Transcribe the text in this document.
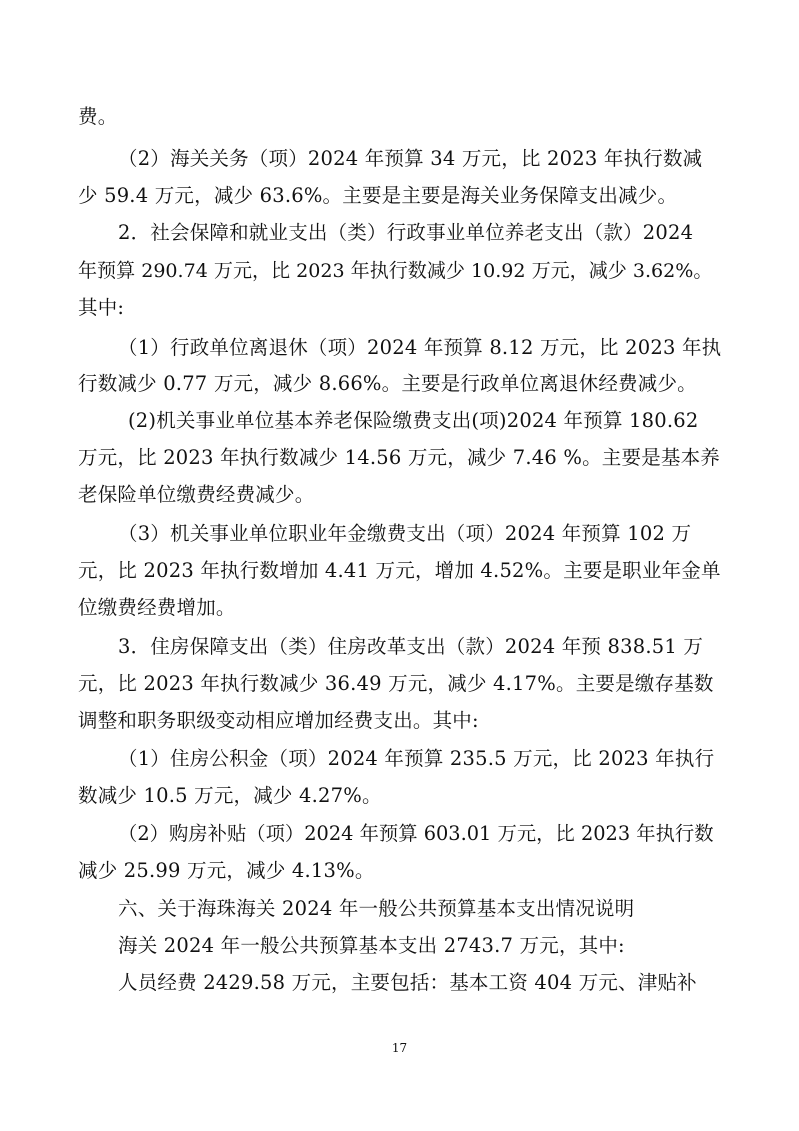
费。
（2）海关关务（项）2024 年预算 34 万元，比 2023 年执行数减
少 59.4 万元，减少 63.6%。主要是主要是海关业务保障支出减少。
2．社会保障和就业支出（类）行政事业单位养老支出（款）2024
年预算 290.74 万元，比 2023 年执行数减少 10.92 万元，减少 3.62%。
其中:
（1）行政单位离退休（项）2024 年预算 8.12 万元，比 2023 年执
行数减少 0.77 万元，减少 8.66%。主要是行政单位离退休经费减少。
(2)机关事业单位基本养老保险缴费支出(项)2024 年预算 180.62
万元，比 2023 年执行数减少 14.56 万元，减少 7.46 %。主要是基本养
老保险单位缴费经费减少。
（3）机关事业单位职业年金缴费支出（项）2024 年预算 102 万
元，比 2023 年执行数增加 4.41 万元，增加 4.52%。主要是职业年金单
位缴费经费增加。
3．住房保障支出（类）住房改革支出（款）2024 年预 838.51 万
元，比 2023 年执行数减少 36.49 万元，减少 4.17%。主要是缴存基数
调整和职务职级变动相应增加经费支出。其中:
（1）住房公积金（项）2024 年预算 235.5 万元，比 2023 年执行
数减少 10.5 万元，减少 4.27%。
（2）购房补贴（项）2024 年预算 603.01 万元，比 2023 年执行数
减少 25.99 万元，减少 4.13%。
六、关于海珠海关 2024 年一般公共预算基本支出情况说明
海关 2024 年一般公共预算基本支出 2743.7 万元，其中:
人员经费 2429.58 万元，主要包括：基本工资 404 万元、津贴补
17
